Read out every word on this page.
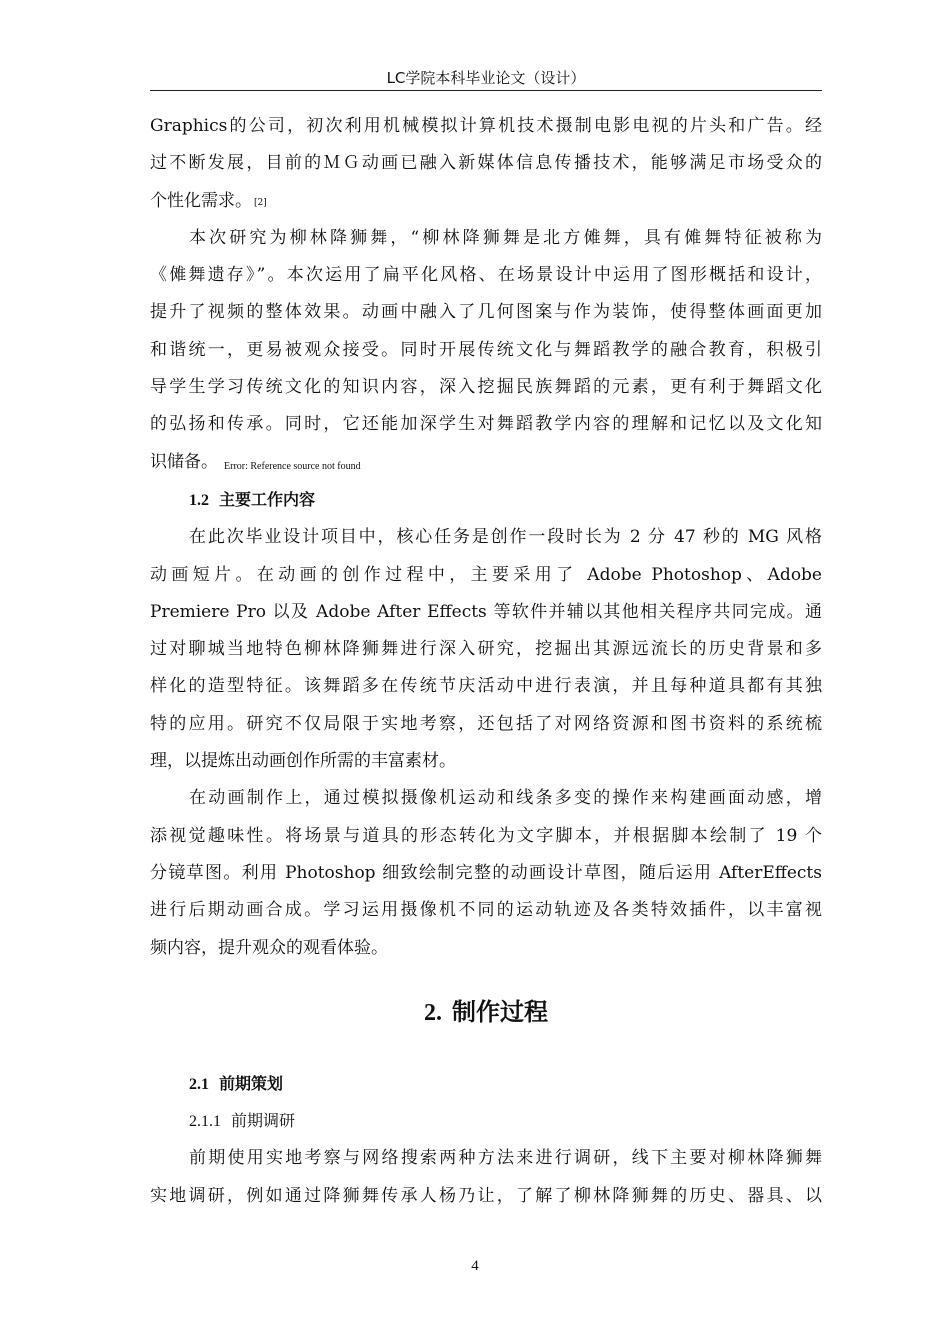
LC学院本科毕业论文（设计）

Graphics的公司，初次利用机械模拟计算机技术摄制电影电视的片头和广告。经

过不断发展，目前的ＭＧ动画已融入新媒体信息传播技术，能够满足市场受众的

个性化需求。 [2]

本次研究为柳林降狮舞，“柳林降狮舞是北方傩舞，具有傩舞特征被称为

《傩舞遗存》”。本次运用了扁平化风格、在场景设计中运用了图形概括和设计，

提升了视频的整体效果。动画中融入了几何图案与作为装饰，使得整体画面更加

和谐统一，更易被观众接受。同时开展传统文化与舞蹈教学的融合教育，积极引

导学生学习传统文化的知识内容，深入挖掘民族舞蹈的元素，更有利于舞蹈文化

的弘扬和传承。同时，它还能加深学生对舞蹈教学内容的理解和记忆以及文化知

识储备。 $^{Error: Reference source not found}$

1.2 主要工作内容

在此次毕业设计项目中，核心任务是创作一段时长为 2 分 47 秒的 MG 风格

动画短片。在动画的创作过程中，主要采用了 Adobe Photoshop、Adobe

Premiere Pro 以及 Adobe After Effects 等软件并辅以其他相关程序共同完成。通

过对聊城当地特色柳林降狮舞进行深入研究，挖掘出其源远流长的历史背景和多

样化的造型特征。该舞蹈多在传统节庆活动中进行表演，并且每种道具都有其独

特的应用。研究不仅局限于实地考察，还包括了对网络资源和图书资料的系统梳

理，以提炼出动画创作所需的丰富素材。

在动画制作上，通过模拟摄像机运动和线条多变的操作来构建画面动感，增

添视觉趣味性。将场景与道具的形态转化为文字脚本，并根据脚本绘制了 19 个

分镜草图。利用 Photoshop 细致绘制完整的动画设计草图，随后运用 AfterEffects

进行后期动画合成。学习运用摄像机不同的运动轨迹及各类特效插件，以丰富视

频内容，提升观众的观看体验。

2. 制作过程
2.1 前期策划
2.1.1 前期调研

前期使用实地考察与网络搜索两种方法来进行调研，线下主要对柳林降狮舞

实地调研，例如通过降狮舞传承人杨乃让，了解了柳林降狮舞的历史、器具、以

4
